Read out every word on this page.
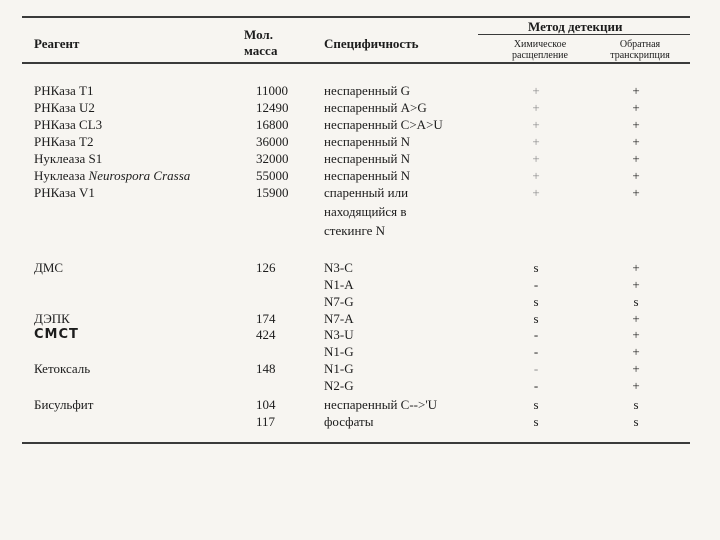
Реагент
Мол.
масса	Специфичность
Метод детекции
Химическое
расщепление
Обратная
транскрипция
РНКаза T1	11000	неспаренный G	+	+
РНКаза U2	12490	неспаренный A>G	+	+
РНКаза CL3	16800	неспаренный C>A>U	+	+
РНКаза T2	36000	неспаренный N	+	+
Нуклеаза S1	32000	неспаренный N	+	+
Нуклеаза Neurospora Crassa	55000	неспаренный N	+	+
РНКаза V1	15900	спаренный или	+	+
находящийся в
стекинге N
ДМС	126	N3-C	s	+
N1-A	-	+
N7-G	s	s
ДЭПК	174	N7-A	s	+
CMCT	424	N3-U	-	+
N1-G	-	+
Кетоксаль	148	N1-G	-	+
N2-G	-	+
Бисульфит	104	неспаренный C-->'U	s	s
117	фосфаты	s	s
